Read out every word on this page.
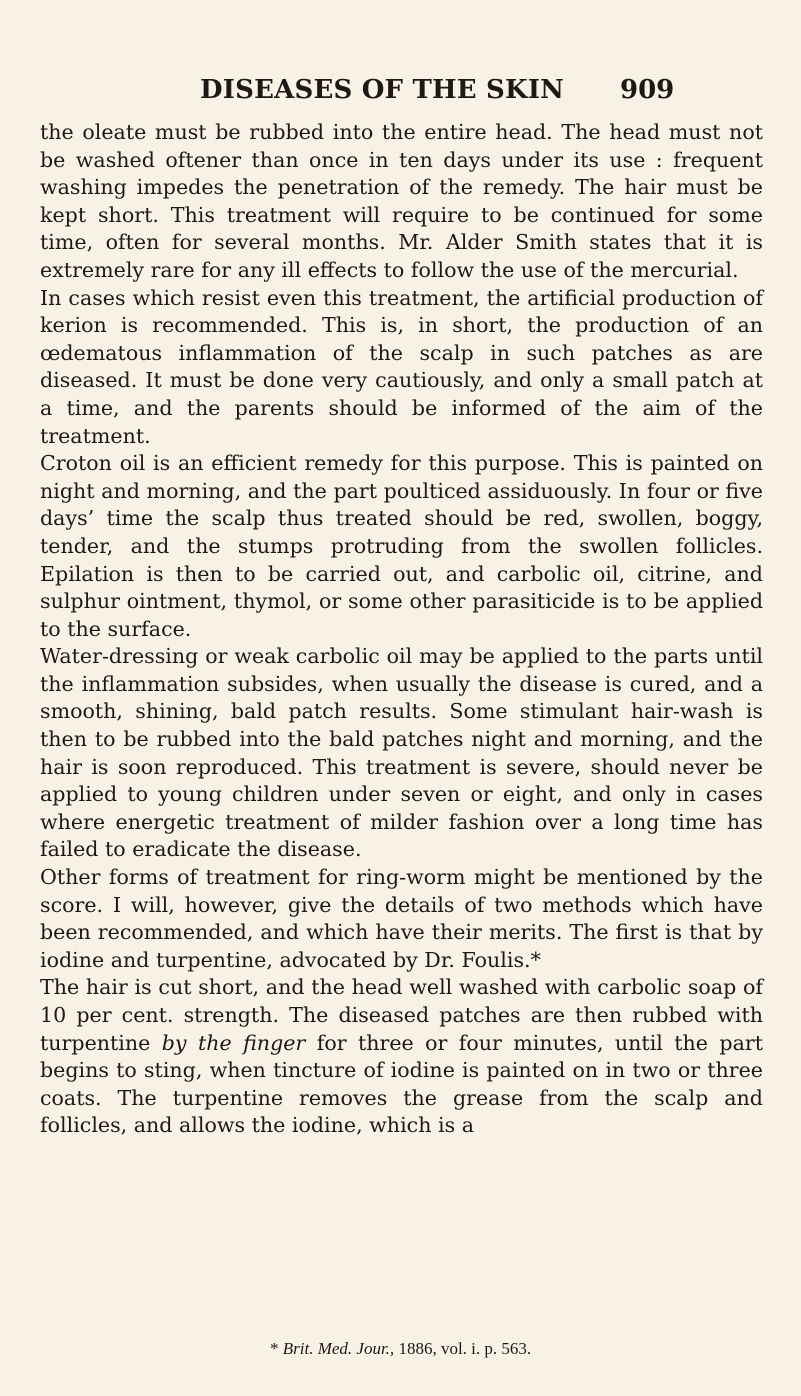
DISEASES OF THE SKIN 909

the oleate must be rubbed into the entire head. The head must not be washed oftener than once in ten days under its use : frequent washing impedes the penetration of the remedy. The hair must be kept short. This treatment will require to be continued for some time, often for several months. Mr. Alder Smith states that it is extremely rare for any ill effects to follow the use of the mercurial.

In cases which resist even this treatment, the artificial production of kerion is recommended. This is, in short, the production of an œdematous inflammation of the scalp in such patches as are diseased. It must be done very cautiously, and only a small patch at a time, and the parents should be informed of the aim of the treatment.

Croton oil is an efficient remedy for this purpose. This is painted on night and morning, and the part poulticed assiduously. In four or five days’ time the scalp thus treated should be red, swollen, boggy, tender, and the stumps protruding from the swollen follicles. Epilation is then to be carried out, and carbolic oil, citrine, and sulphur ointment, thymol, or some other parasiticide is to be applied to the surface.

Water-dressing or weak carbolic oil may be applied to the parts until the inflammation subsides, when usually the disease is cured, and a smooth, shining, bald patch results. Some stimulant hair-wash is then to be rubbed into the bald patches night and morning, and the hair is soon reproduced. This treatment is severe, should never be applied to young children under seven or eight, and only in cases where energetic treatment of milder fashion over a long time has failed to eradicate the disease.

Other forms of treatment for ring-worm might be mentioned by the score. I will, however, give the details of two methods which have been recommended, and which have their merits. The first is that by iodine and turpentine, advocated by Dr. Foulis.*

The hair is cut short, and the head well washed with carbolic soap of 10 per cent. strength. The diseased patches are then rubbed with turpentine by the finger for three or four minutes, until the part begins to sting, when tincture of iodine is painted on in two or three coats. The turpentine removes the grease from the scalp and follicles, and allows the iodine, which is a

* Brit. Med. Jour., 1886, vol. i. p. 563.
